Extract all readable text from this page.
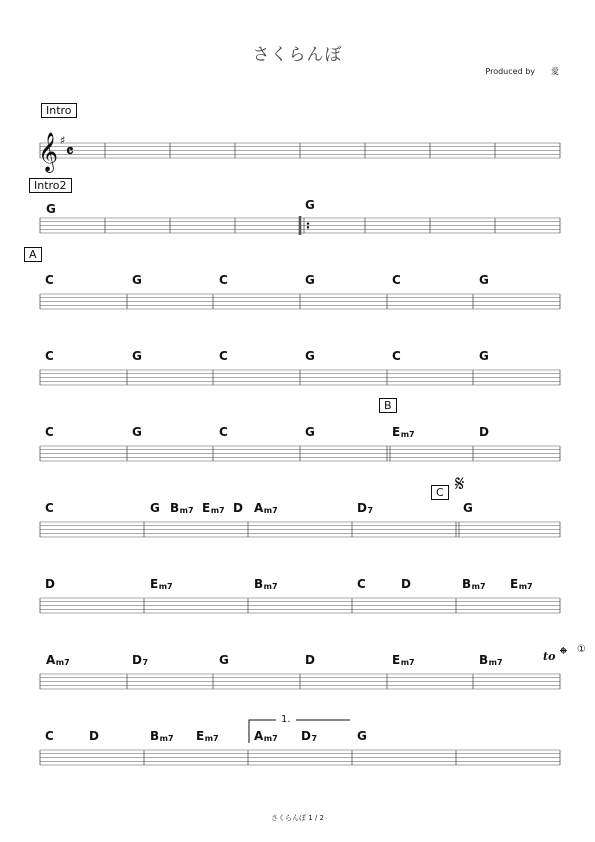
さくらんぼ
Produced by　　愛
𝄞 ♯
𝄴
Intro
Intro2
A
B
C 𝄋
to 𝄌 ①
1.
G	G
C	G	C	G	C	G
C	G	C	G	C	G
C	G	C	G	$E_{m7}$	D
C	G $B_{m7}$ $E_{m7}$ D $A_{m7}$	$D_7$	G
D	$E_{m7}$	$B_{m7}$	C	D	$B_{m7}$ $E_{m7}$
$A_{m7}$	$D_7$	G	D	$E_{m7}$	$B_{m7}$
C	D	$B_{m7}$ $E_{m7}$	$A_{m7}$ $D_7$	G
さくらんぼ 1 / 2
